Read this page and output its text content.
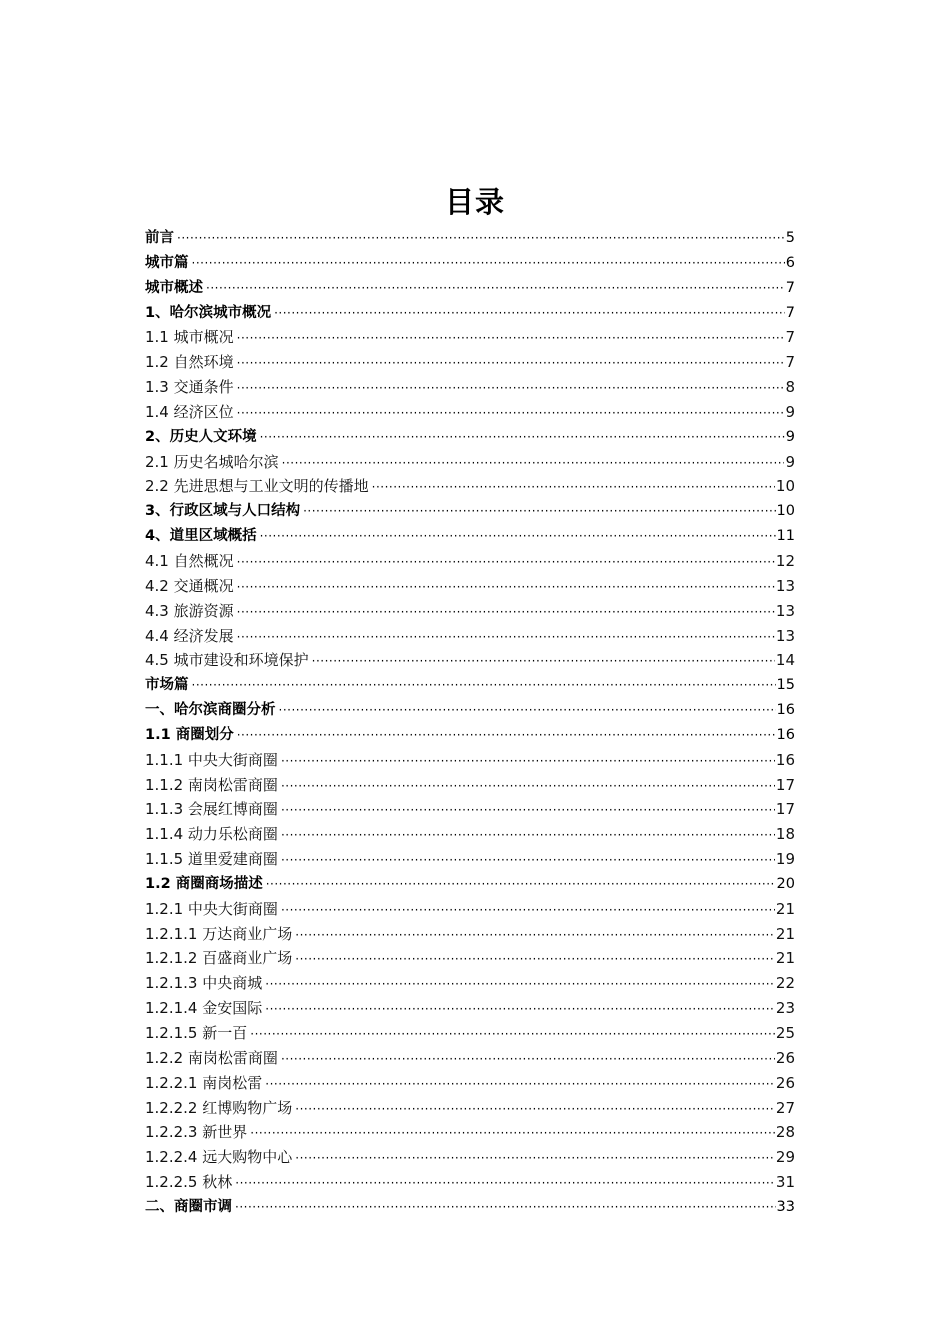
目录
前言 ·····	5
城市篇 ·····	6
城市概述 ·····	7
1、哈尔滨城市概况 ·····	7
1.1 城市概况 ·····	7
1.2 自然环境 ·····	7
1.3 交通条件 ·····	8
1.4 经济区位 ·····	9
2、历史人文环境 ·····	9
2.1 历史名城哈尔滨 ·····	9
2.2 先进思想与工业文明的传播地 ·····	10
3、行政区域与人口结构 ·····	10
4、道里区域概括 ·····	11
4.1 自然概况 ·····	12
4.2 交通概况 ·····	13
4.3 旅游资源 ·····	13
4.4 经济发展 ·····	13
4.5 城市建设和环境保护 ·····	14
市场篇 ·····	15
一、哈尔滨商圈分析 ·····	16
1.1 商圈划分 ·····	16
1.1.1 中央大街商圈 ·····	16
1.1.2 南岗松雷商圈 ·····	17
1.1.3 会展红博商圈 ·····	17
1.1.4 动力乐松商圈 ·····	18
1.1.5 道里爱建商圈 ·····	19
1.2 商圈商场描述 ·····	20
1.2.1 中央大街商圈 ·····	21
1.2.1.1 万达商业广场 ·····	21
1.2.1.2 百盛商业广场 ·····	21
1.2.1.3 中央商城 ·····	22
1.2.1.4 金安国际 ·····	23
1.2.1.5 新一百 ·····	25
1.2.2 南岗松雷商圈 ·····	26
1.2.2.1 南岗松雷 ·····	26
1.2.2.2 红博购物广场 ·····	27
1.2.2.3 新世界 ·····	28
1.2.2.4 远大购物中心 ·····	29
1.2.2.5 秋林 ·····	31
二、商圈市调 ·····	33
